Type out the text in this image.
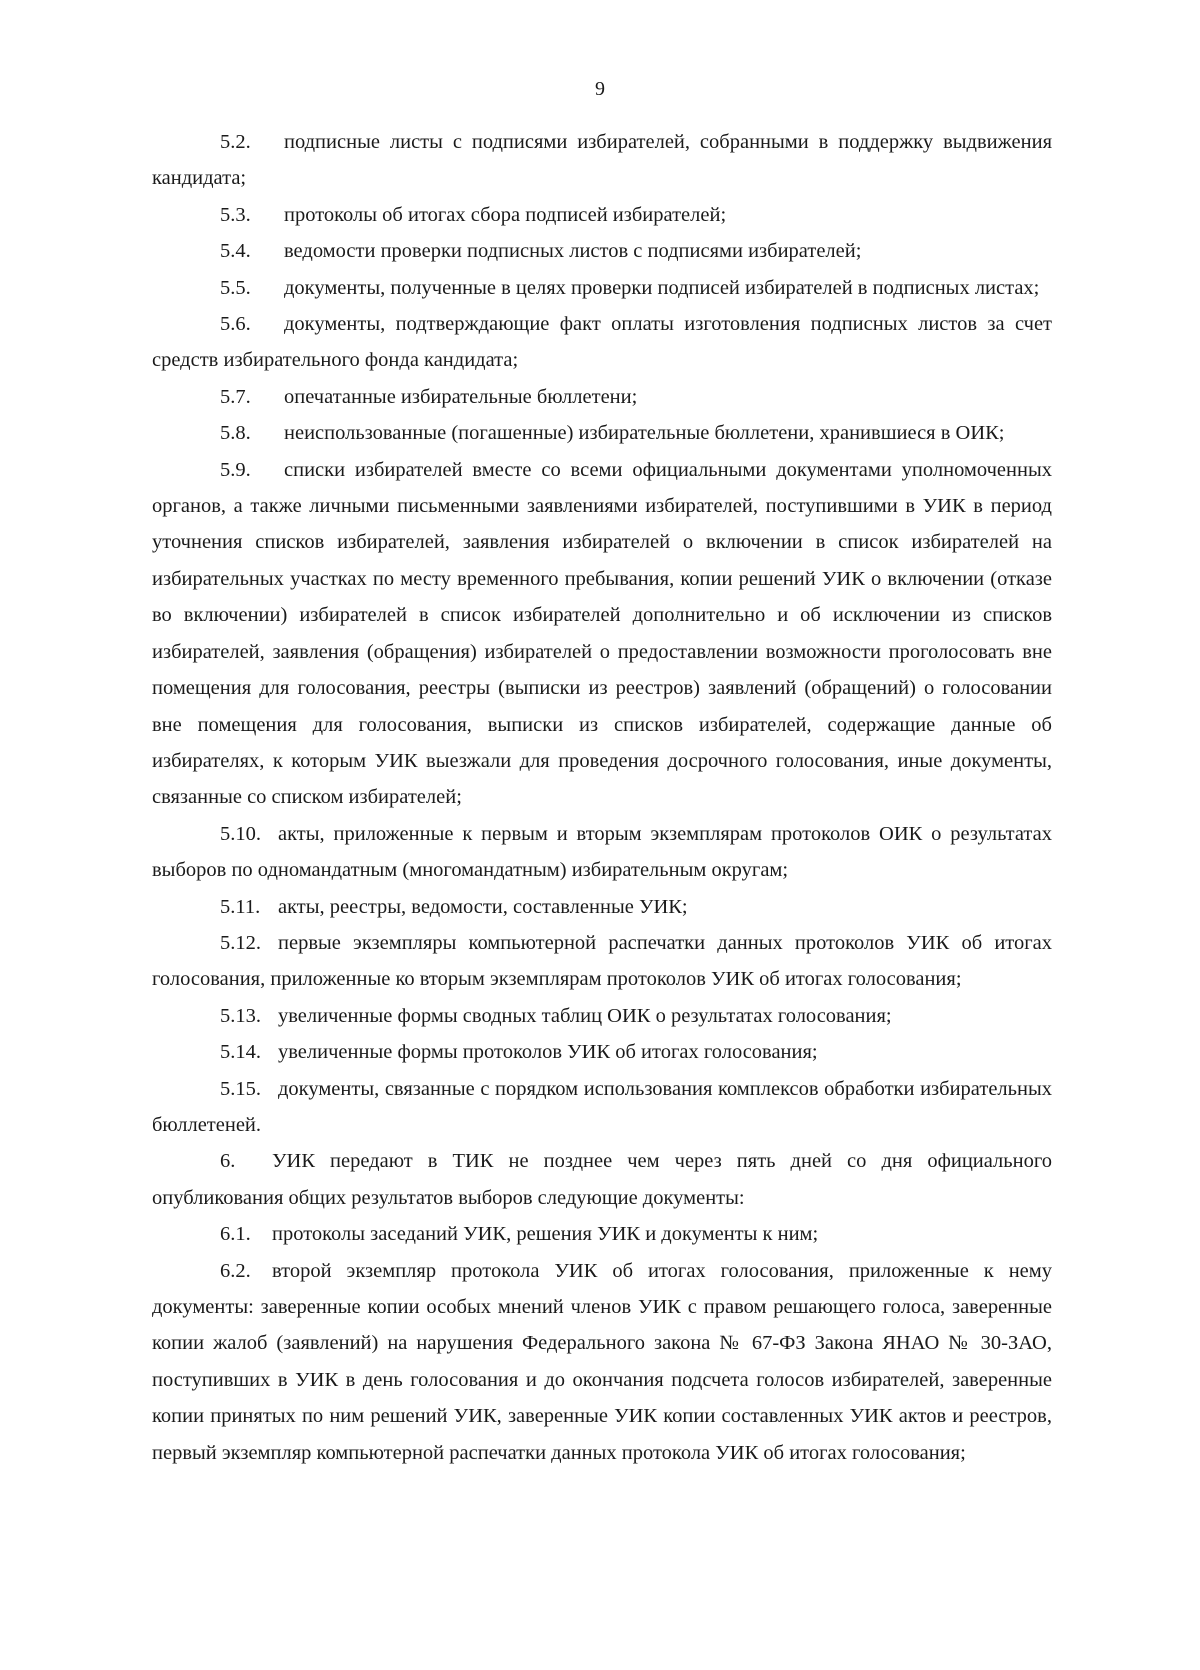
9

5.2. подписные листы с подписями избирателей, собранными в поддержку выдвижения кандидата;

5.3. протоколы об итогах сбора подписей избирателей;

5.4. ведомости проверки подписных листов с подписями избирателей;

5.5. документы, полученные в целях проверки подписей избирателей в подписных листах;

5.6. документы, подтверждающие факт оплаты изготовления подписных листов за счет средств избирательного фонда кандидата;

5.7. опечатанные избирательные бюллетени;

5.8. неиспользованные (погашенные) избирательные бюллетени, хранившиеся в ОИК;

5.9. списки избирателей вместе со всеми официальными документами уполномоченных органов, а также личными письменными заявлениями избирателей, поступившими в УИК в период уточнения списков избирателей, заявления избирателей о включении в список избирателей на избирательных участках по месту временного пребывания, копии решений УИК о включении (отказе во включении) избирателей в список избирателей дополнительно и об исключении из списков избирателей, заявления (обращения) избирателей о предоставлении возможности проголосовать вне помещения для голосования, реестры (выписки из реестров) заявлений (обращений) о голосовании вне помещения для голосования, выписки из списков избирателей, содержащие данные об избирателях, к которым УИК выезжали для проведения досрочного голосования, иные документы, связанные со списком избирателей;

5.10. акты, приложенные к первым и вторым экземплярам протоколов ОИК о результатах выборов по одномандатным (многомандатным) избирательным округам;

5.11. акты, реестры, ведомости, составленные УИК;

5.12. первые экземпляры компьютерной распечатки данных протоколов УИК об итогах голосования, приложенные ко вторым экземплярам протоколов УИК об итогах голосования;

5.13. увеличенные формы сводных таблиц ОИК о результатах голосования;

5.14. увеличенные формы протоколов УИК об итогах голосования;

5.15. документы, связанные с порядком использования комплексов обработки избирательных бюллетеней.

6. УИК передают в ТИК не позднее чем через пять дней со дня официального опубликования общих результатов выборов следующие документы:

6.1. протоколы заседаний УИК, решения УИК и документы к ним;

6.2. второй экземпляр протокола УИК об итогах голосования, приложенные к нему документы: заверенные копии особых мнений членов УИК с правом решающего голоса, заверенные копии жалоб (заявлений) на нарушения Федерального закона № 67-ФЗ Закона ЯНАО № 30-ЗАО, поступивших в УИК в день голосования и до окончания подсчета голосов избирателей, заверенные копии принятых по ним решений УИК, заверенные УИК копии составленных УИК актов и реестров, первый экземпляр компьютерной распечатки данных протокола УИК об итогах голосования;
